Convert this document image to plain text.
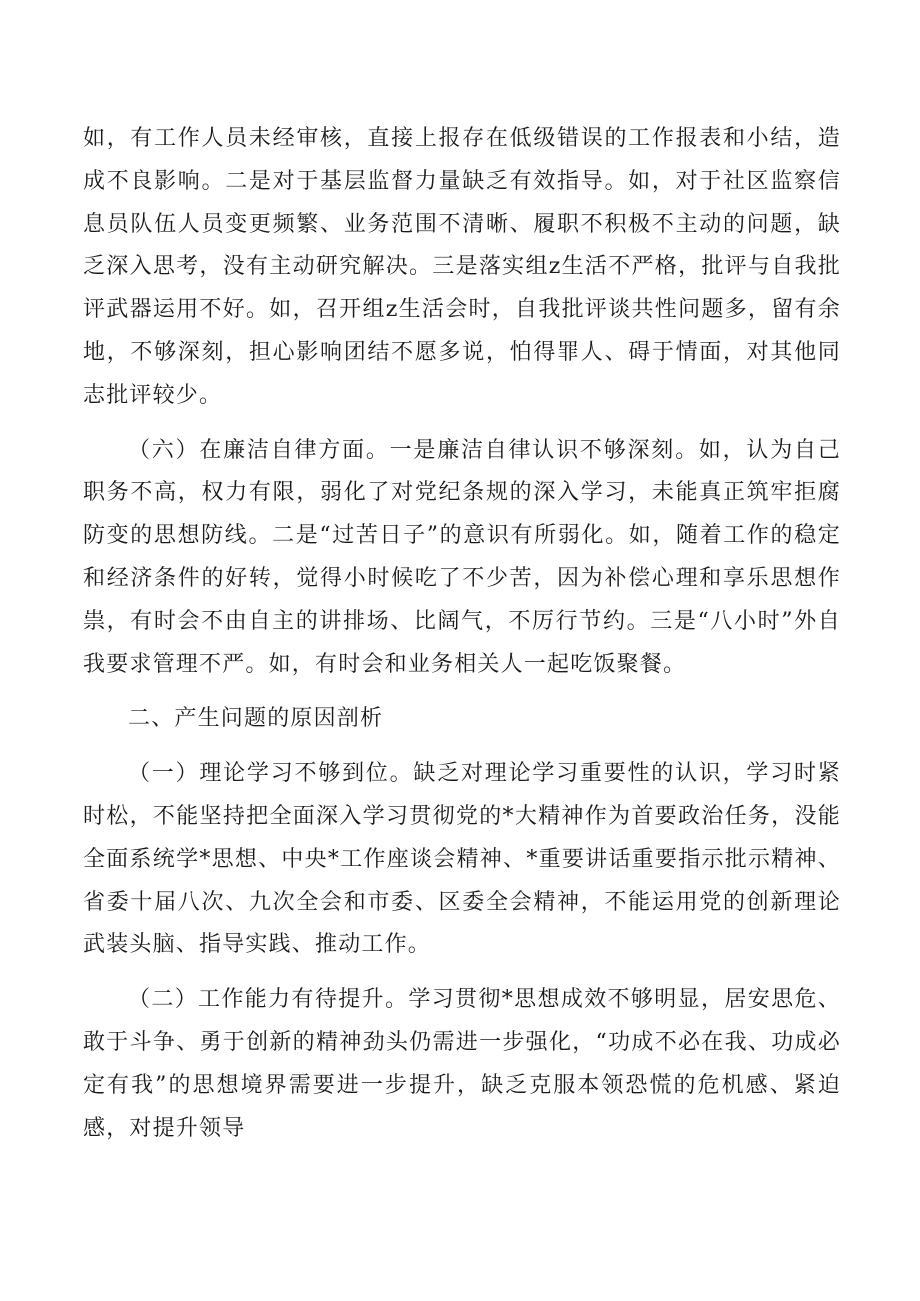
如，有工作人员未经审核，直接上报存在低级错误的工作报表和小结，造成不良影响。二是对于基层监督力量缺乏有效指导。如，对于社区监察信息员队伍人员变更频繁、业务范围不清晰、履职不积极不主动的问题，缺乏深入思考，没有主动研究解决。三是落实组z生活不严格，批评与自我批评武器运用不好。如，召开组z生活会时，自我批评谈共性问题多，留有余地，不够深刻，担心影响团结不愿多说，怕得罪人、碍于情面，对其他同志批评较少。

（六）在廉洁自律方面。一是廉洁自律认识不够深刻。如，认为自己职务不高，权力有限，弱化了对党纪条规的深入学习，未能真正筑牢拒腐防变的思想防线。二是“过苦日子”的意识有所弱化。如，随着工作的稳定和经济条件的好转，觉得小时候吃了不少苦，因为补偿心理和享乐思想作祟，有时会不由自主的讲排场、比阔气，不厉行节约。三是“八小时”外自我要求管理不严。如，有时会和业务相关人一起吃饭聚餐。

二、产生问题的原因剖析

（一）理论学习不够到位。缺乏对理论学习重要性的认识，学习时紧时松，不能坚持把全面深入学习贯彻党的*大精神作为首要政治任务，没能全面系统学*思想、中央*工作座谈会精神、*重要讲话重要指示批示精神、省委十届八次、九次全会和市委、区委全会精神，不能运用党的创新理论武装头脑、指导实践、推动工作。

（二）工作能力有待提升。学习贯彻*思想成效不够明显，居安思危、敢于斗争、勇于创新的精神劲头仍需进一步强化，“功成不必在我、功成必定有我”的思想境界需要进一步提升，缺乏克服本领恐慌的危机感、紧迫感，对提升领导
